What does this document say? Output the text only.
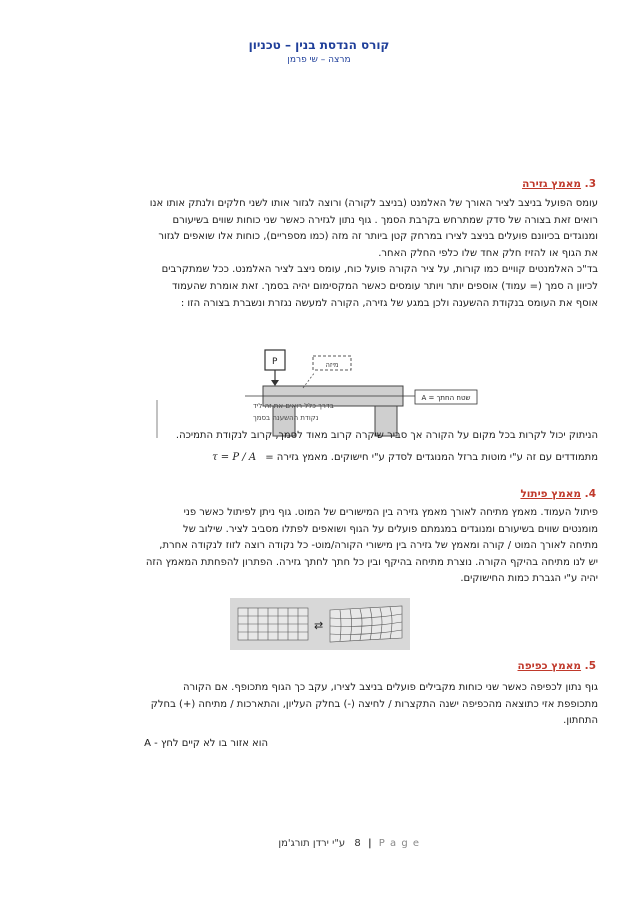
קורס הנדסת בנין – טכניון
מרצה – שי פרמן
3. מאמץ גזירה

עומס הפועל בניצב לציר האורך של האלמנט (בניצב לקורה) ורוצה לגזור אותו לשני חלקים ולנתק אותו אנו

רואים זאת בצורה של סדק שמתרחש בקרבת הסמך . גוף נתון לגזירה כאשר שני כוחות שווים בשיעורם

ומנוגדים בכיוונם פועלים בניצב לצירו במרחק קטן ביותר זה מזה (כמו מספריים), כוחות אלו שואפים לגזור

את הגוף או להזיז חלק אחד שלו כלפי החלק האחר.

בד"כ האלמנטים קוויים כמו קורות, על ציר הקורה פועל כוח, עומס ניצב לציר האלמנט. ככל שמתקרבים

לכיוון ה סמך (= עמוד) אוספים יותר ויותר עומסים כאשר המקסימום יהיה בסמך. זאת אומרת שהעמוד

אוסף את העומס בנקודת ההשענה ולכן במגע של גזירה, הקורה למעשה נגזרת ונשברת בצורה הזו :

P	מיזה
A = שטח החתך
בדרך כלל רואים את זה ליד
נקודת ההשענה בסמך

הניתוק יכול לקרות בכל מקום על הקורה אך סביר שיקרה קרוב מאוד לסמך, קרוב לנקודת התמיכה.

מתמודדים עם זה ע"י מוטות ברזל המנוגדים לסדק ע"י חישוקים. מאמץ גזירה = τ = P / A
4. מאמץ פיתול

פיתול העמוד. מאמץ מתיחה לאורך מאמץ גזירה בין המישורים של המוט. גוף ניתן לפיתול כאשר פני

מומנטים שווים בשיעורם ומנוגדים במגמתם פועלים על הגוף ושואפים לפתלו מסביב לציר. שילוב של

מתיחה לאורך המוט / קורה ומאמץ של גזירה בין מישורי הקורה/מוט- כל נקודה רוצה לזוז לנקודה אחרת,

יש לנו מתיחה בהיקף הקורה. נוצרת מתיחה בהיקף ובין כל חתך לחתך גזירה. הפתרון להפחתת המאמץ הזה

יהיה ע"י הגברת כמות החישוקים.

⇄
5. מאמץ כפיפה

גוף נתון לכפיפה כאשר שני כוחות מקבילים פועלים בניצב לצירו, עקב כך הגוף מתכופף. אם הקורה

מתכופפת אזי כתוצאה מהכפיפה ישנה התקצרות / לחיצה (-) בחלק העליון, והתארכות / מתיחה (+) בחלק

התחתון.

A - הוא אזור בו לא קיים לחץ
P a g e | 8 ע"י ירדן תורג'מן
